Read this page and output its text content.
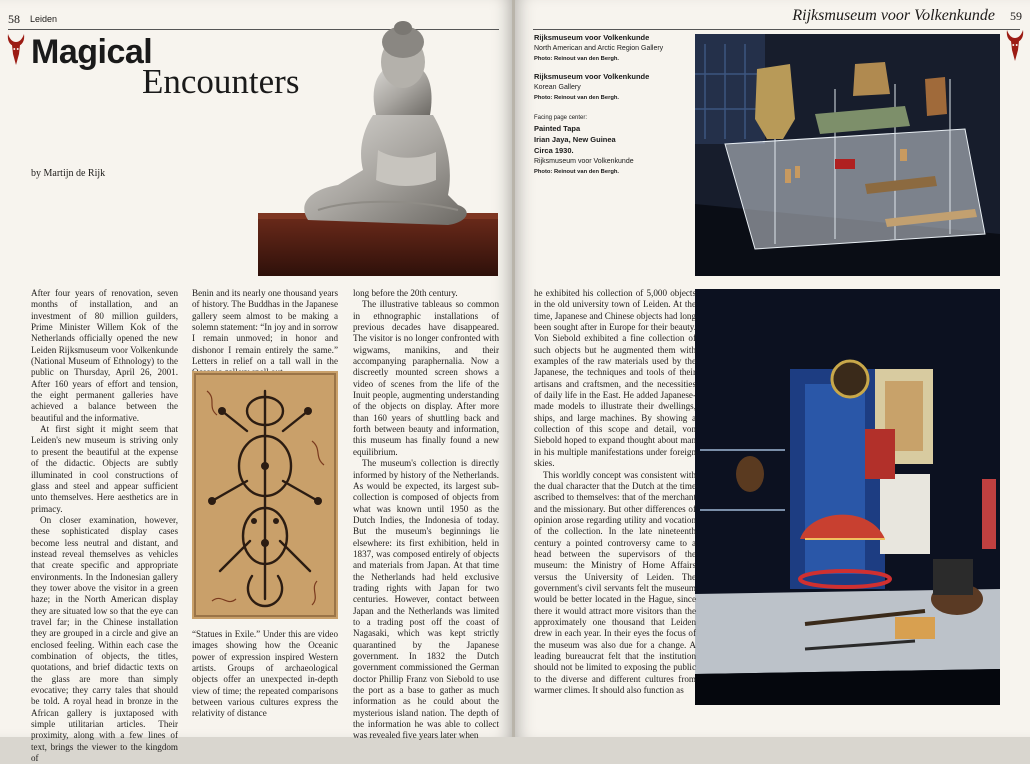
58 Leiden
Magical
Encounters
by Martijn de Rijk

After four years of renovation, seven months of installation, and an investment of 80 million guilders, Prime Minister Willem Kok of the Netherlands officially opened the new Leiden Rijksmuseum voor Volkenkunde (National Museum of Ethnology) to the public on Thursday, April 26, 2001. After 160 years of effort and tension, the eight permanent galleries have achieved a balance between the beautiful and the informative.

At first sight it might seem that Leiden's new museum is striving only to present the beautiful at the expense of the didactic. Objects are subtly illuminated in cool constructions of glass and steel and appear sufficient unto themselves. Here aesthetics are in primacy.

On closer examination, however, these sophisticated display cases become less neutral and distant, and instead reveal themselves as vehicles that create specific and appropriate environments. In the Indonesian gallery they tower above the visitor in a green haze; in the North American display they are situated low so that the eye can travel far; in the Chinese installation they are grouped in a circle and give an enclosed feeling. Within each case the combination of objects, the titles, quotations, and brief didactic texts on the glass are more than simply evocative; they carry tales that should be told. A royal head in bronze in the African gallery is juxtaposed with simple utilitarian articles. Their proximity, along with a few lines of text, brings the viewer to the kingdom of

Benin and its nearly one thousand years of history. The Buddhas in the Japanese gallery seem almost to be making a solemn statement: “In joy and in sorrow I remain unmoved; in honor and dishonor I remain entirely the same.” Letters in relief on a tall wall in the

“Statues in Exile.” Under this are video images showing how the Oceanic power of expression inspired Western artists. Groups of archaeological objects offer an unexpected in-depth view of time; the repeated comparisons between various cultures express the relativity of distance

long before the 20th century.

The illustrative tableaus so common in ethnographic installations of previous decades have disappeared. The visitor is no longer confronted with wigwams, manikins, and their accompanying paraphernalia. Now a discreetly mounted screen shows a video of scenes from the life of the Inuit people, augmenting understanding of the objects on display. After more than 160 years of shuttling back and forth between beauty and information, this museum has finally found a new equilibrium.

The museum's collection is directly informed by history of the Netherlands. As would be expected, its largest sub-collection is composed of objects from what was known until 1950 as the Dutch Indies, the Indonesia of today. But the museum's beginnings lie elsewhere: its first exhibition, held in 1837, was composed entirely of objects and materials from Japan. At that time the Netherlands had held exclusive trading rights with Japan for two centuries. However, contact between Japan and the Netherlands was limited to a trading post off the coast of Nagasaki, which was kept strictly quarantined by the Japanese government. In 1832 the Dutch government commissioned the German doctor Phillip Franz von Siebold to use the port as a base to gather as much information as he could about the mysterious island nation. The depth of the information he was able to collect was revealed five years later when

Rijksmuseum voor Volkenkunde 59
Rijksmuseum voor Volkenkunde
North American and Arctic Region Gallery
Photo: Reinout van den Bergh.
Rijksmuseum voor Volkenkunde
Korean Gallery
Photo: Reinout van den Bergh.
Facing page center:
Painted Tapa
Irian Jaya, New Guinea
Circa 1930.
Rijksmuseum voor Volkenkunde
Photo: Reinout van den Bergh.

he exhibited his collection of 5,000 objects in the old university town of Leiden. At the time, Japanese and Chinese objects had long been sought after in Europe for their beauty. Von Siebold exhibited a fine collection of such objects but he augmented them with examples of the raw materials used by the Japanese, the techniques and tools of their artisans and craftsmen, and the necessities of daily life in the East. He added Japanese-made models to illustrate their dwellings, ships, and large machines. By showing a collection of this scope and detail, von Siebold hoped to expand thought about man in his multiple manifestations under foreign skies.

This worldly concept was consistent with the dual character that the Dutch at the time ascribed to themselves: that of the merchant and the missionary. But other differences of opinion arose regarding utility and vocation of the collection. In the late nineteenth century a pointed controversy came to a head between the supervisors of the museum: the Ministry of Home Affairs versus the University of Leiden. The government's civil servants felt the museum would be better located in the Hague, since there it would attract more visitors than the approximately one thousand that Leiden drew in each year. In their eyes the focus of the museum was also due for a change. A leading bureaucrat felt that the institution should not be limited to exposing the public to the diverse and different cultures from warmer climes. It should also function as
